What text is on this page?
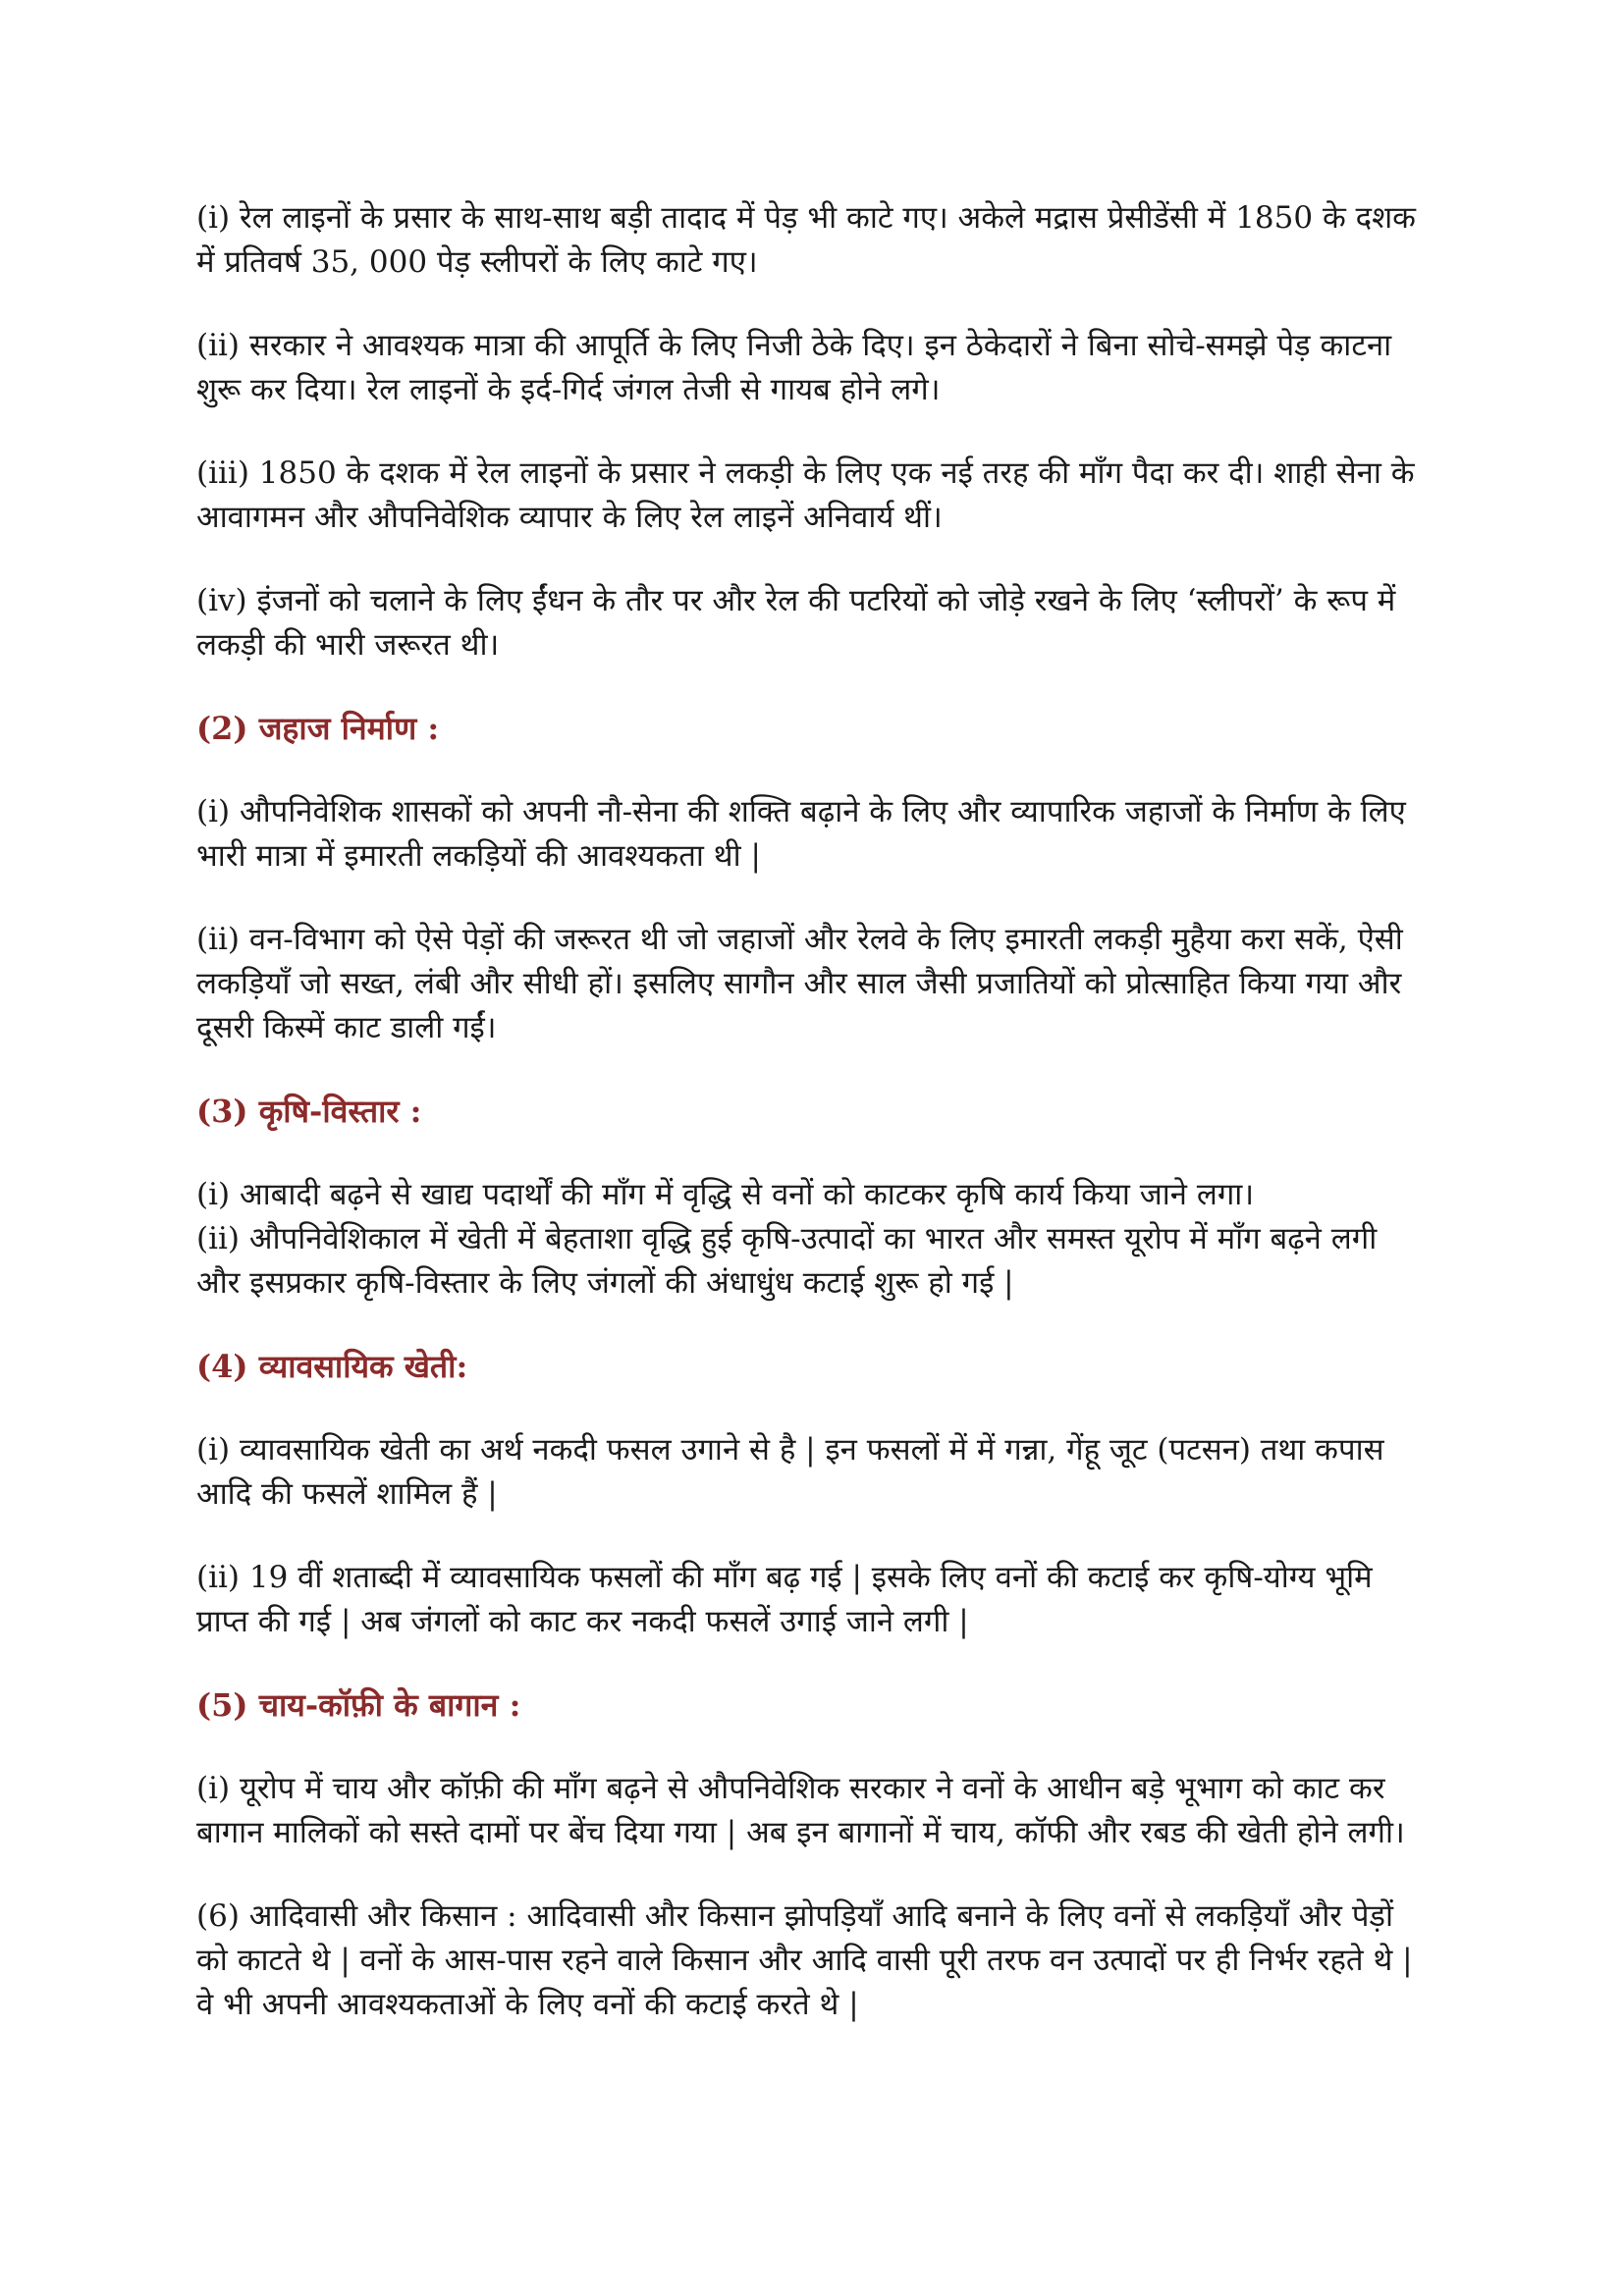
(i) रेल लाइनों के प्रसार के साथ-साथ बड़ी तादाद में पेड़ भी काटे गए। अकेले मद्रास प्रेसीडेंसी में 1850 के दशक में प्रतिवर्ष 35, 000 पेड़ स्लीपरों के लिए काटे गए।

(ii) सरकार ने आवश्यक मात्रा की आपूर्ति के लिए निजी ठेके दिए। इन ठेकेदारों ने बिना सोचे-समझे पेड़ काटना शुरू कर दिया। रेल लाइनों के इर्द-गिर्द जंगल तेजी से गायब होने लगे।

(iii) 1850 के दशक में रेल लाइनों के प्रसार ने लकड़ी के लिए एक नई तरह की माँग पैदा कर दी। शाही सेना के आवागमन और औपनिवेशिक व्यापार के लिए रेल लाइनें अनिवार्य थीं।

(iv) इंजनों को चलाने के लिए ईंधन के तौर पर और रेल की पटरियों को जोड़े रखने के लिए ‘स्लीपरों’ के रूप में लकड़ी की भारी जरूरत थी।

(2) जहाज निर्माण :

(i) औपनिवेशिक शासकों को अपनी नौ-सेना की शक्ति बढ़ाने के लिए और व्यापारिक जहाजों के निर्माण के लिए भारी मात्रा में इमारती लकड़ियों की आवश्यकता थी |

(ii) वन-विभाग को ऐसे पेड़ों की जरूरत थी जो जहाजों और रेलवे के लिए इमारती लकड़ी मुहैया करा सकें, ऐसी लकड़ियाँ जो सख्त, लंबी और सीधी हों। इसलिए सागौन और साल जैसी प्रजातियों को प्रोत्साहित किया गया और दूसरी किस्में काट डाली गईं।

(3) कृषि-विस्तार :

(i) आबादी बढ़ने से खाद्य पदार्थों की माँग में वृद्धि से वनों को काटकर कृषि कार्य किया जाने लगा।

(ii) औपनिवेशिकाल में खेती में बेहताशा वृद्धि हुई कृषि-उत्पादों का भारत और समस्त यूरोप में माँग बढ़ने लगी और इसप्रकार कृषि-विस्तार के लिए जंगलों की अंधाधुंध कटाई शुरू हो गई |

(4) व्यावसायिक खेती:

(i) व्यावसायिक खेती का अर्थ नकदी फसल उगाने से है | इन फसलों में में गन्ना, गेंहू जूट (पटसन) तथा कपास आदि की फसलें शामिल हैं |

(ii) 19 वीं शताब्दी में व्यावसायिक फसलों की माँग बढ़ गई | इसके लिए वनों की कटाई कर कृषि-योग्य भूमि प्राप्त की गई | अब जंगलों को काट कर नकदी फसलें उगाई जाने लगी |

(5) चाय-कॉफ़ी के बागान :

(i) यूरोप में चाय और कॉफ़ी की माँग बढ़ने से औपनिवेशिक सरकार ने वनों के आधीन बड़े भूभाग को काट कर बागान मालिकों को सस्ते दामों पर बेंच दिया गया | अब इन बागानों में चाय, कॉफी और रबड की खेती होने लगी।

(6) आदिवासी और किसान : आदिवासी और किसान झोपड़ियाँ आदि बनाने के लिए वनों से लकड़ियाँ और पेड़ों को काटते थे | वनों के आस-पास रहने वाले किसान और आदि वासी पूरी तरफ वन उत्पादों पर ही निर्भर रहते थे | वे भी अपनी आवश्यकताओं के लिए वनों की कटाई करते थे |
